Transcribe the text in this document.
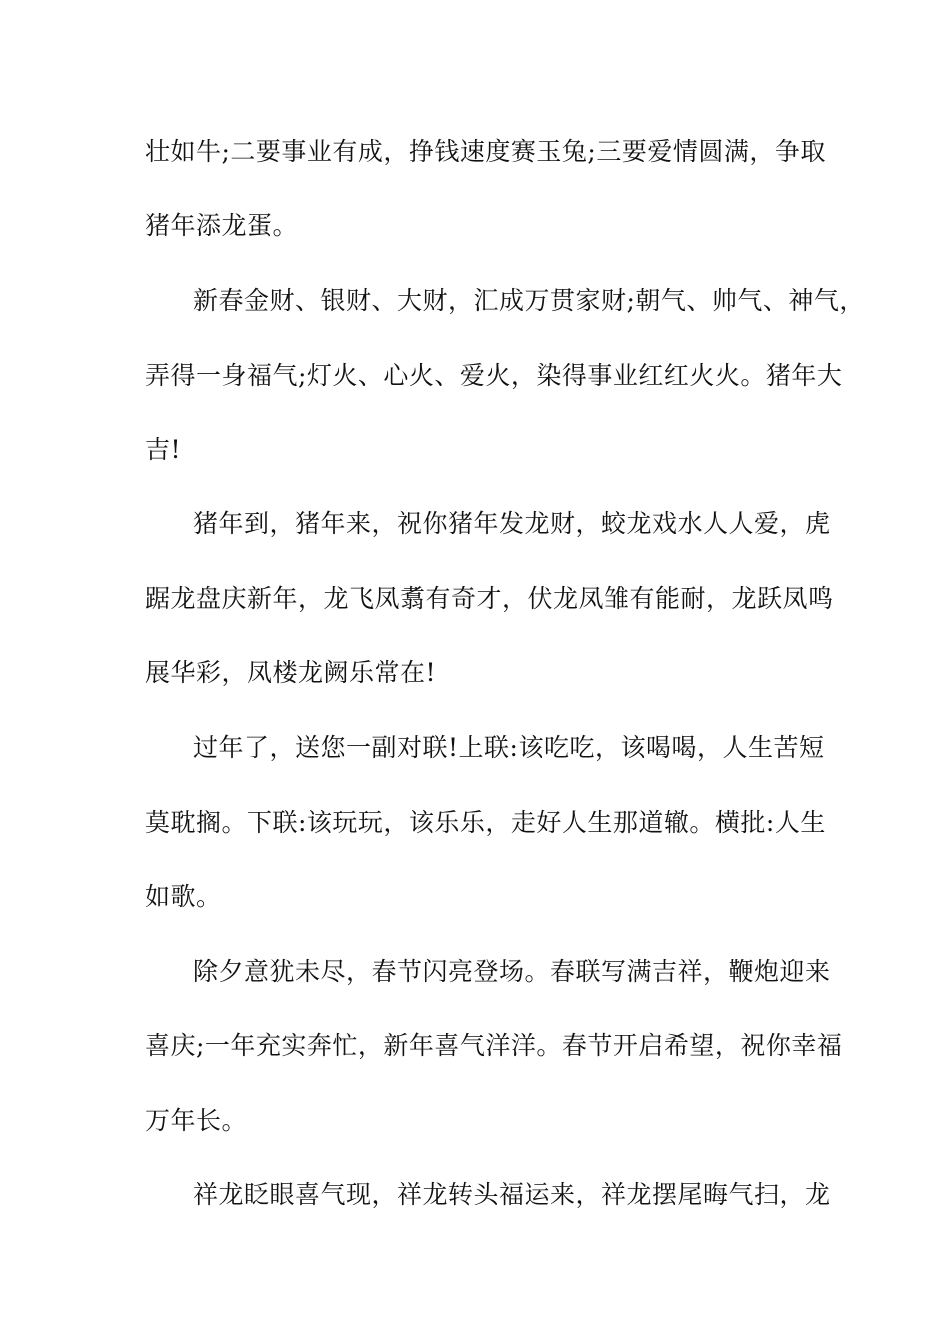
壮如牛;二要事业有成，挣钱速度赛玉兔;三要爱情圆满，争取
猪年添龙蛋。
新春金财、银财、大财，汇成万贯家财;朝气、帅气、神气，
弄得一身福气;灯火、心火、爱火，染得事业红红火火。猪年大
吉!
猪年到，猪年来，祝你猪年发龙财，蛟龙戏水人人爱，虎
踞龙盘庆新年，龙飞凤翥有奇才，伏龙凤雏有能耐，龙跃凤鸣
展华彩，凤楼龙阙乐常在!
过年了，送您一副对联!上联:该吃吃，该喝喝，人生苦短
莫耽搁。下联:该玩玩，该乐乐，走好人生那道辙。横批:人生
如歌。
除夕意犹未尽，春节闪亮登场。春联写满吉祥，鞭炮迎来
喜庆;一年充实奔忙，新年喜气洋洋。春节开启希望，祝你幸福
万年长。
祥龙眨眼喜气现，祥龙转头福运来，祥龙摆尾晦气扫，龙
